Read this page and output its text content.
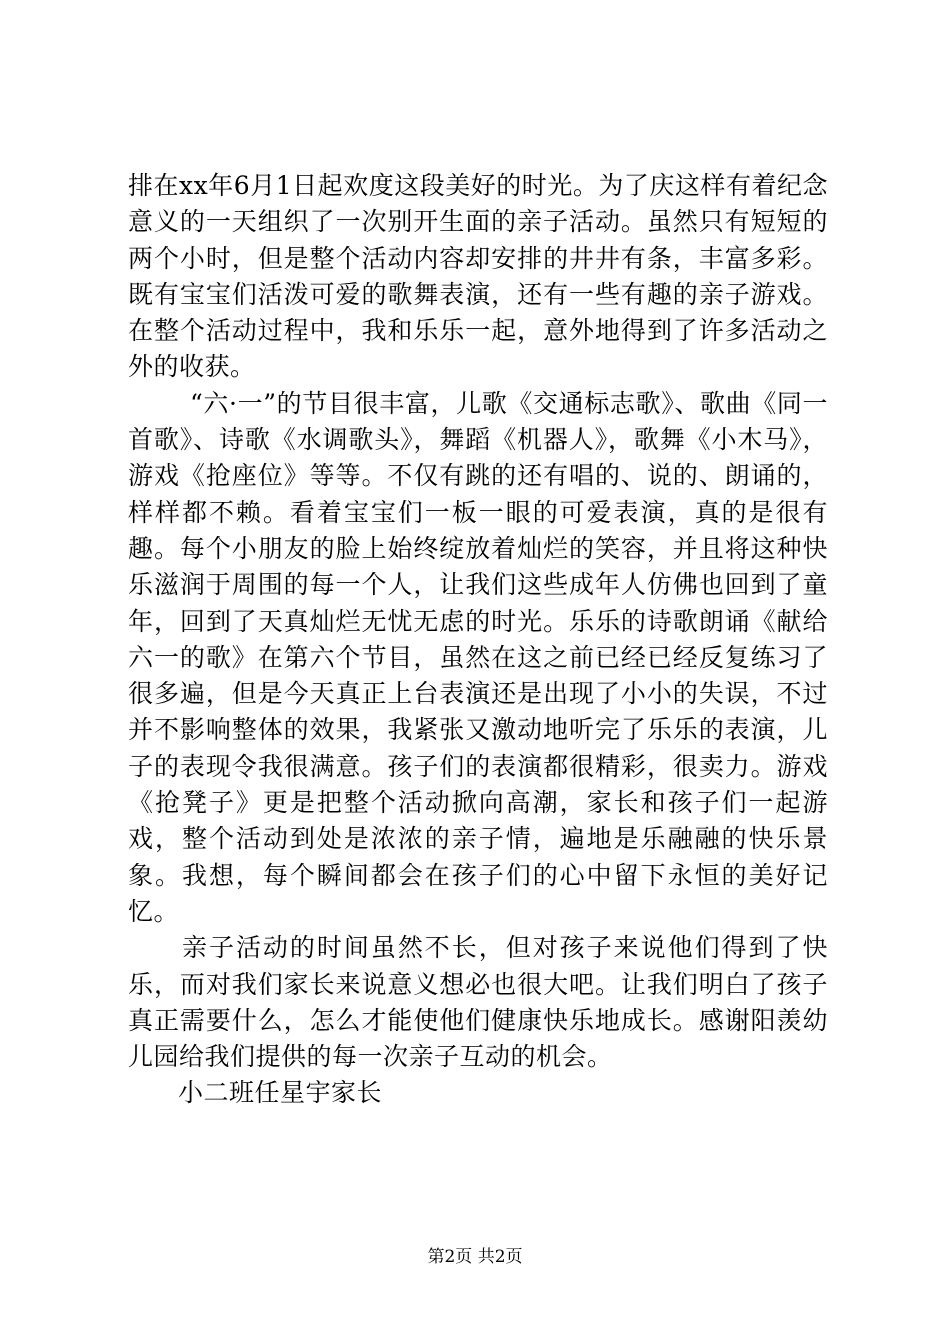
排在xx年6月1日起欢度这段美好的时光。为了庆这样有着纪念意义的一天组织了一次别开生面的亲子活动。虽然只有短短的两个小时，但是整个活动内容却安排的井井有条，丰富多彩。既有宝宝们活泼可爱的歌舞表演，还有一些有趣的亲子游戏。在整个活动过程中，我和乐乐一起，意外地得到了许多活动之外的收获。

“六·一”的节目很丰富，儿歌《交通标志歌》、歌曲《同一首歌》、诗歌《水调歌头》，舞蹈《机器人》，歌舞《小木马》，游戏《抢座位》等等。不仅有跳的还有唱的、说的、朗诵的，样样都不赖。看着宝宝们一板一眼的可爱表演，真的是很有趣。每个小朋友的脸上始终绽放着灿烂的笑容，并且将这种快乐滋润于周围的每一个人，让我们这些成年人仿佛也回到了童年，回到了天真灿烂无忧无虑的时光。乐乐的诗歌朗诵《献给六一的歌》在第六个节目，虽然在这之前已经已经反复练习了很多遍，但是今天真正上台表演还是出现了小小的失误，不过并不影响整体的效果，我紧张又激动地听完了乐乐的表演，儿子的表现令我很满意。孩子们的表演都很精彩，很卖力。游戏《抢凳子》更是把整个活动掀向高潮，家长和孩子们一起游戏，整个活动到处是浓浓的亲子情，遍地是乐融融的快乐景象。我想，每个瞬间都会在孩子们的心中留下永恒的美好记忆。

亲子活动的时间虽然不长，但对孩子来说他们得到了快乐，而对我们家长来说意义想必也很大吧。让我们明白了孩子真正需要什么，怎么才能使他们健康快乐地成长。感谢阳羡幼儿园给我们提供的每一次亲子互动的机会。

小二班任星宇家长

第2页 共2页
